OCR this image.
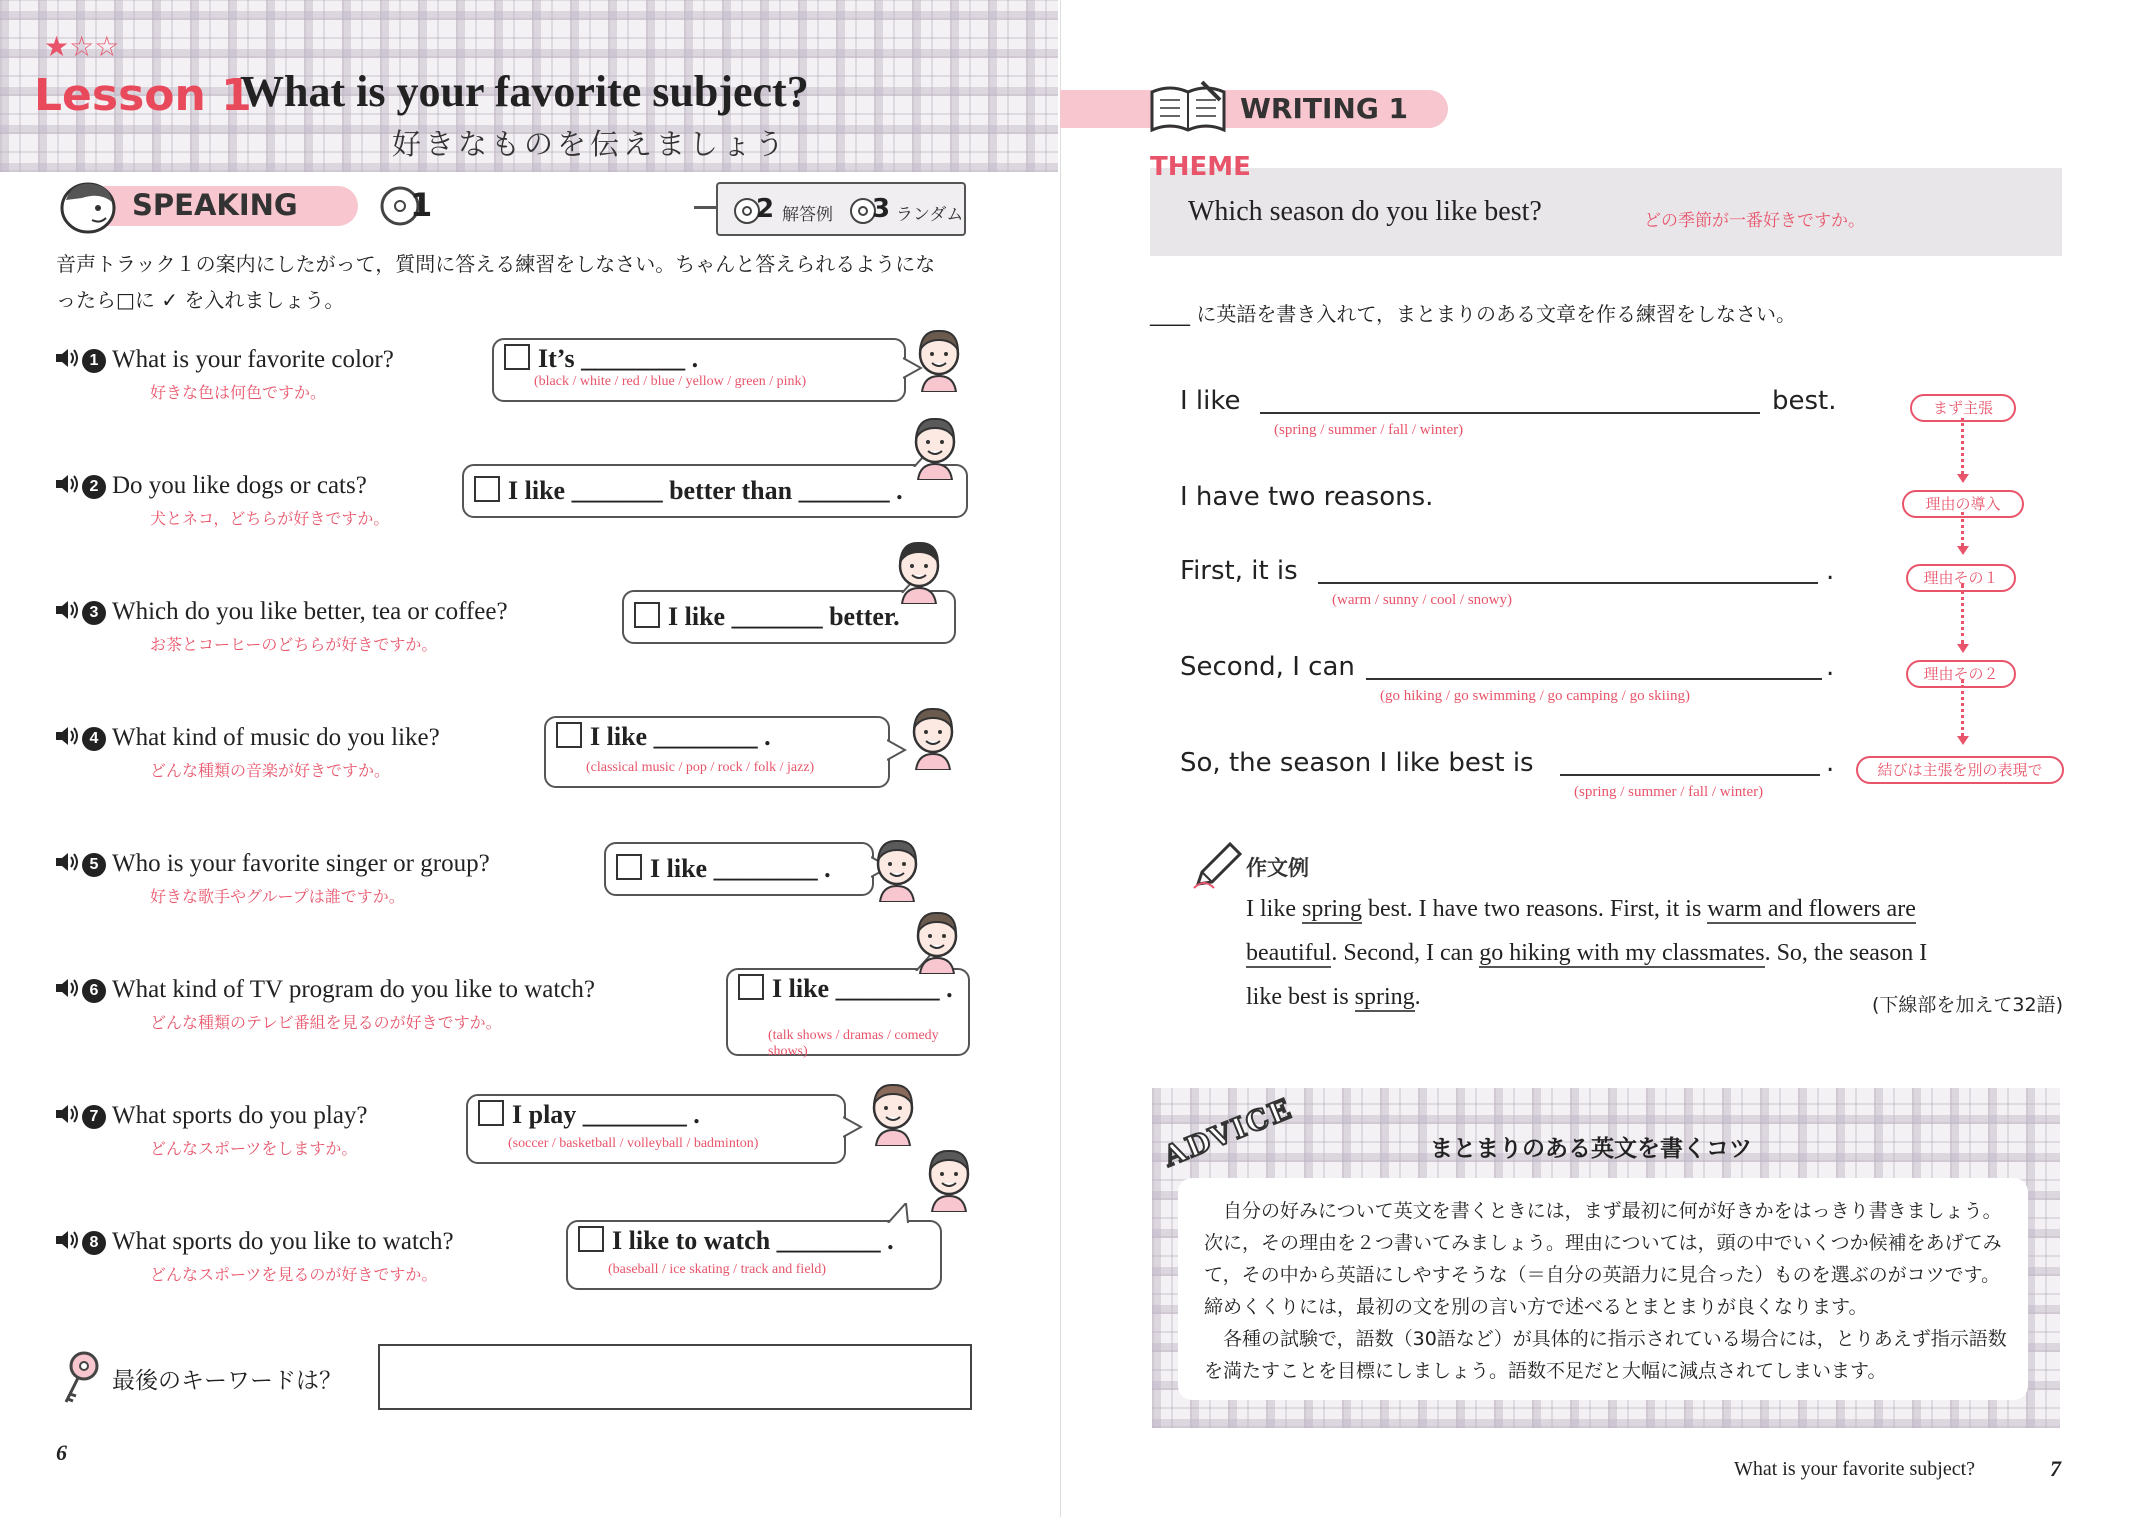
★☆☆
Lesson 1
What is your favorite subject?
好きなものを伝えましょう
SPEAKING	1	2 解答例 3 ランダム
音声トラック１の案内にしたがって，質問に答える練習をしなさい。ちゃんと答えられるようにな
ったら□に ✓ を入れましょう。
1 What is your favorite color?
好きな色は何色ですか。
It’s ________ .
(black / white / red / blue / yellow / green / pink)
2 Do you like dogs or cats?
犬とネコ，どちらが好きですか。
I like _______ better than _______ .
3 Which do you like better, tea or coffee?
お茶とコーヒーのどちらが好きですか。
I like _______ better.
4 What kind of music do you like?
どんな種類の音楽が好きですか。
I like ________ .
(classical music / pop / rock / folk / jazz)
5 Who is your favorite singer or group?
好きな歌手やグループは誰ですか。
I like ________ .
6 What kind of TV program do you like to watch?
どんな種類のテレビ番組を見るのが好きですか。
I like ________ .
(talk shows / dramas / comedy shows)
7 What sports do you play?
どんなスポーツをしますか。
I play ________ .
(soccer / basketball / volleyball / badminton)
8 What sports do you like to watch?
どんなスポーツを見るのが好きですか。
I like to watch ________ .
(baseball / ice skating / track and field)
最後のキーワードは？
6
WRITING 1
THEME
Which season do you like best?	どの季節が一番好きですか。
____ に英語を書き入れて，まとまりのある文章を作る練習をしなさい。
I like	best.
(spring / summer / fall / winter)
まず主張
I have two reasons.	理由の導入
First, it is	.
(warm / sunny / cool / snowy)
理由その１
Second, I can	.
(go hiking / go swimming / go camping / go skiing)
理由その２
So, the season I like best is	.
(spring / summer / fall / winter)
結びは主張を別の表現で
作文例
I like spring best. I have two reasons. First, it is warm and flowers are
beautiful. Second, I can go hiking with my classmates. So, the season I
like best is spring.	(下線部を加えて32語)
ADVICE	まとまりのある英文を書くコツ
　自分の好みについて英文を書くときには，まず最初に何が好きかをはっきり書きましょう。
次に，その理由を２つ書いてみましょう。理由については，頭の中でいくつか候補をあげてみ
て，その中から英語にしやすそうな（＝自分の英語力に見合った）ものを選ぶのがコツです。
締めくくりには，最初の文を別の言い方で述べるとまとまりが良くなります。
　各種の試験で，語数（30語など）が具体的に指示されている場合には，とりあえず指示語数
を満たすことを目標にしましょう。語数不足だと大幅に減点されてしまいます。
What is your favorite subject?	7
